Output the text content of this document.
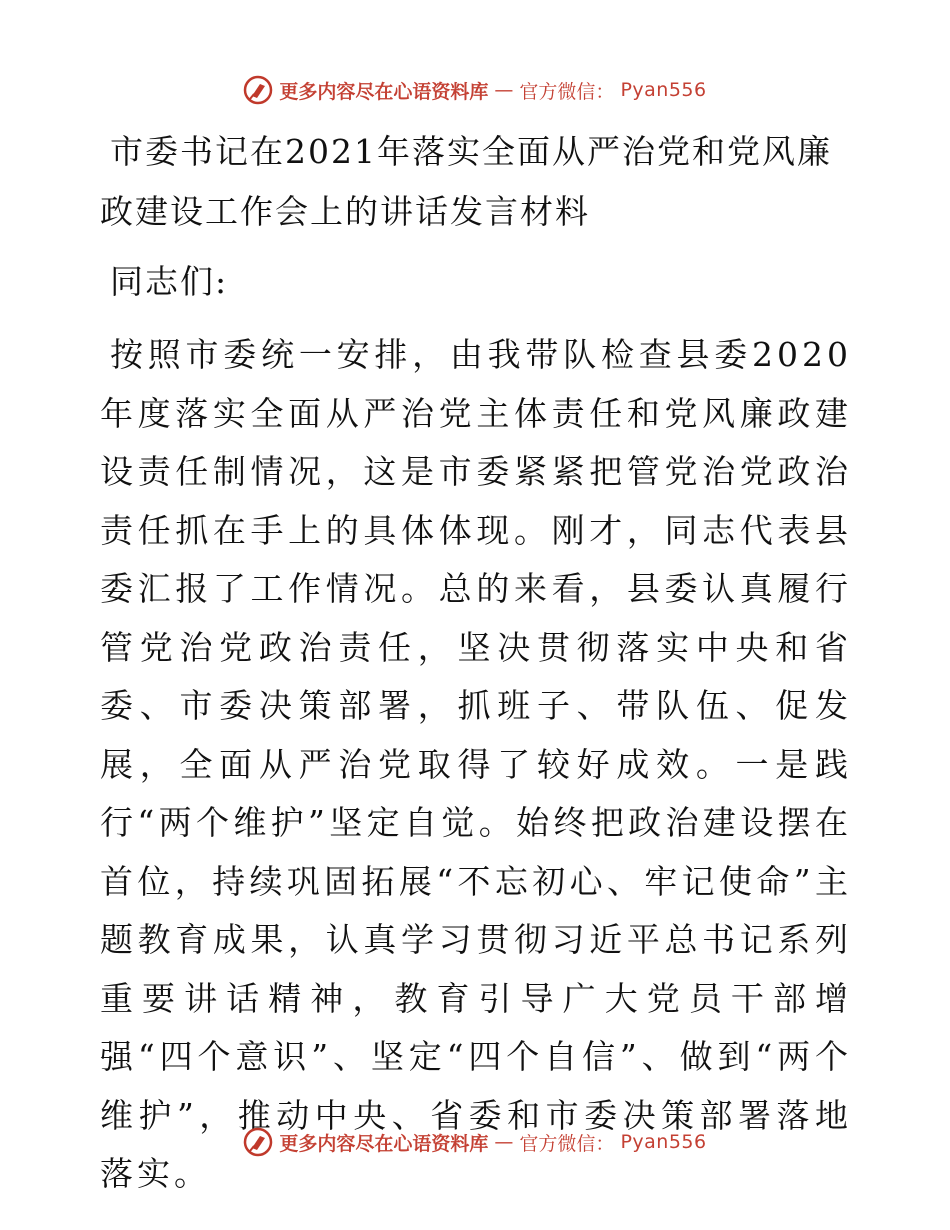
更多内容尽在心语资料库 — 官方微信： Pyan556
市委书记在2021年落实全面从严治党和党风廉政建设工作会上的讲话发言材料

同志们:

按照市委统一安排，由我带队检查县委2020年度落实全面从严治党主体责任和党风廉政建设责任制情况，这是市委紧紧把管党治党政治责任抓在手上的具体体现。刚才，同志代表县委汇报了工作情况。总的来看，县委认真履行管党治党政治责任，坚决贯彻落实中央和省委、市委决策部署，抓班子、带队伍、促发展，全面从严治党取得了较好成效。一是践行“两个维护”坚定自觉。始终把政治建设摆在首位，持续巩固拓展“不忘初心、牢记使命”主题教育成果，认真学习贯彻习近平总书记系列重要讲话精神，教育引导广大党员干部增强“四个意识”、坚定“四个自信”、做到“两个维护”，推动中央、省委和市委决策部署落地落实。

更多内容尽在心语资料库 — 官方微信： Pyan556
